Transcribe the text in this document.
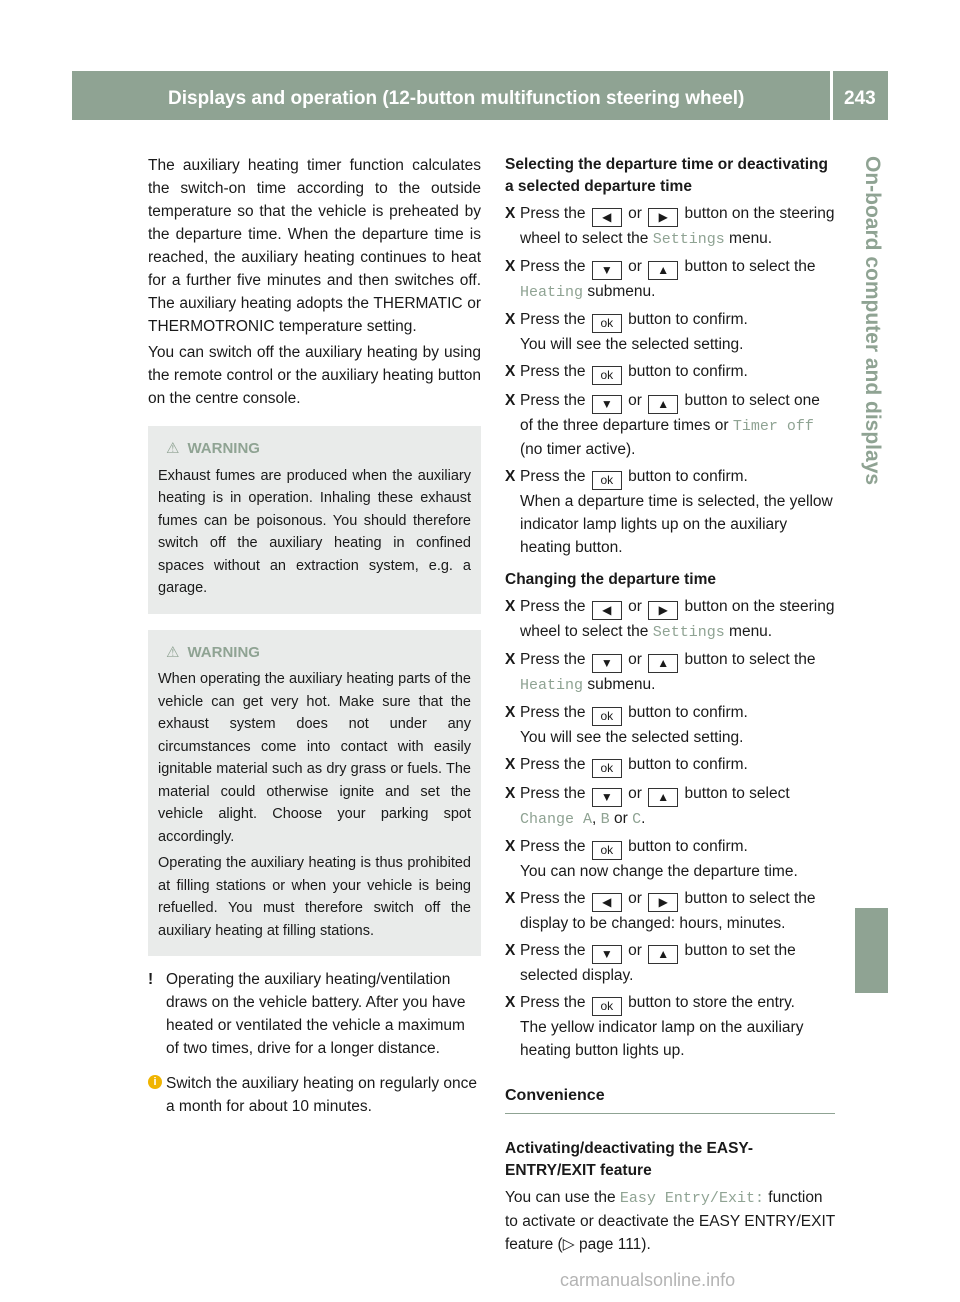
Displays and operation (12-button multifunction steering wheel)	243
On-board computer and displays

The auxiliary heating timer function calculates the switch-on time according to the outside temperature so that the vehicle is preheated by the departure time. When the departure time is reached, the auxiliary heating continues to heat for a further five minutes and then switches off. The auxiliary heating adopts the THERMATIC or THERMOTRONIC temperature setting.

You can switch off the auxiliary heating by using the remote control or the auxiliary heating button on the centre console.

⚠ WARNING

Exhaust fumes are produced when the auxiliary heating is in operation. Inhaling these exhaust fumes can be poisonous. You should therefore switch off the auxiliary heating in confined spaces without an extraction system, e.g. a garage.

⚠ WARNING

When operating the auxiliary heating parts of the vehicle can get very hot. Make sure that the exhaust system does not under any circumstances come into contact with easily ignitable material such as dry grass or fuels. The material could otherwise ignite and set the vehicle alight. Choose your parking spot accordingly.

Operating the auxiliary heating is thus prohibited at filling stations or when your vehicle is being refuelled. You must therefore switch off the auxiliary heating at filling stations.

! Operating the auxiliary heating/ventilation draws on the vehicle battery. After you have heated or ventilated the vehicle a maximum of two times, drive for a longer distance.
i Switch the auxiliary heating on regularly once a month for about 10 minutes.
Selecting the departure time or deactivating a selected departure time
X Press the ◀ or ▶ button on the steering wheel to select the Settings menu.
X Press the ▼ or ▲ button to select the Heating submenu.
X Press the ok button to confirm.
You will see the selected setting.
X Press the ok button to confirm.
X Press the ▼ or ▲ button to select one of the three departure times or Timer off (no timer active).
X Press the ok button to confirm.
When a departure time is selected, the yellow indicator lamp lights up on the auxiliary heating button.
Changing the departure time
X Press the ◀ or ▶ button on the steering wheel to select the Settings menu.
X Press the ▼ or ▲ button to select the Heating submenu.
X Press the ok button to confirm.
You will see the selected setting.
X Press the ok button to confirm.
X Press the ▼ or ▲ button to select
Change A, B or C.
X Press the ok button to confirm.
You can now change the departure time.
X Press the ◀ or ▶ button to select the display to be changed: hours, minutes.
X Press the ▼ or ▲ button to set the selected display.
X Press the ok button to store the entry.
The yellow indicator lamp on the auxiliary heating button lights up.
Convenience
Activating/deactivating the EASY-ENTRY/EXIT feature

You can use the Easy Entry/Exit: function to activate or deactivate the EASY ENTRY/EXIT feature (▷ page 111).

carmanualsonline.info
